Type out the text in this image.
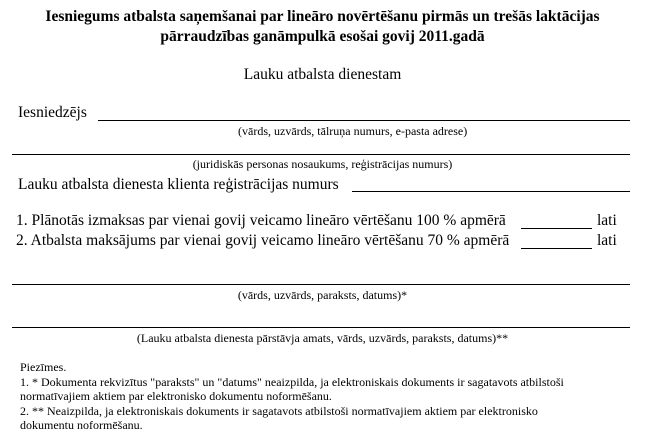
Iesniegums atbalsta saņemšanai par lineāro novērtēšanu pirmās un trešās laktācijas
pārraudzības ganāmpulkā esošai govij 2011.gadā
Lauku atbalsta dienestam
Iesniedzējs
(vārds, uzvārds, tālruņa numurs, e-pasta adrese)
(juridiskās personas nosaukums, reģistrācijas numurs)
Lauku atbalsta dienesta klienta reģistrācijas numurs
1. Plānotās izmaksas par vienai govij veicamo lineāro vērtēšanu 100 % apmērā	lati
2. Atbalsta maksājums par vienai govij veicamo lineāro vērtēšanu 70 % apmērā	lati
(vārds, uzvārds, paraksts, datums)*
(Lauku atbalsta dienesta pārstāvja amats, vārds, uzvārds, paraksts, datums)**
Piezīmes.
1. * Dokumenta rekvizītus "paraksts" un "datums" neaizpilda, ja elektroniskais dokuments ir sagatavots atbilstoši
normatīvajiem aktiem par elektronisko dokumentu noformēšanu.
2. ** Neaizpilda, ja elektroniskais dokuments ir sagatavots atbilstoši normatīvajiem aktiem par elektronisko
dokumentu noformēšanu.
